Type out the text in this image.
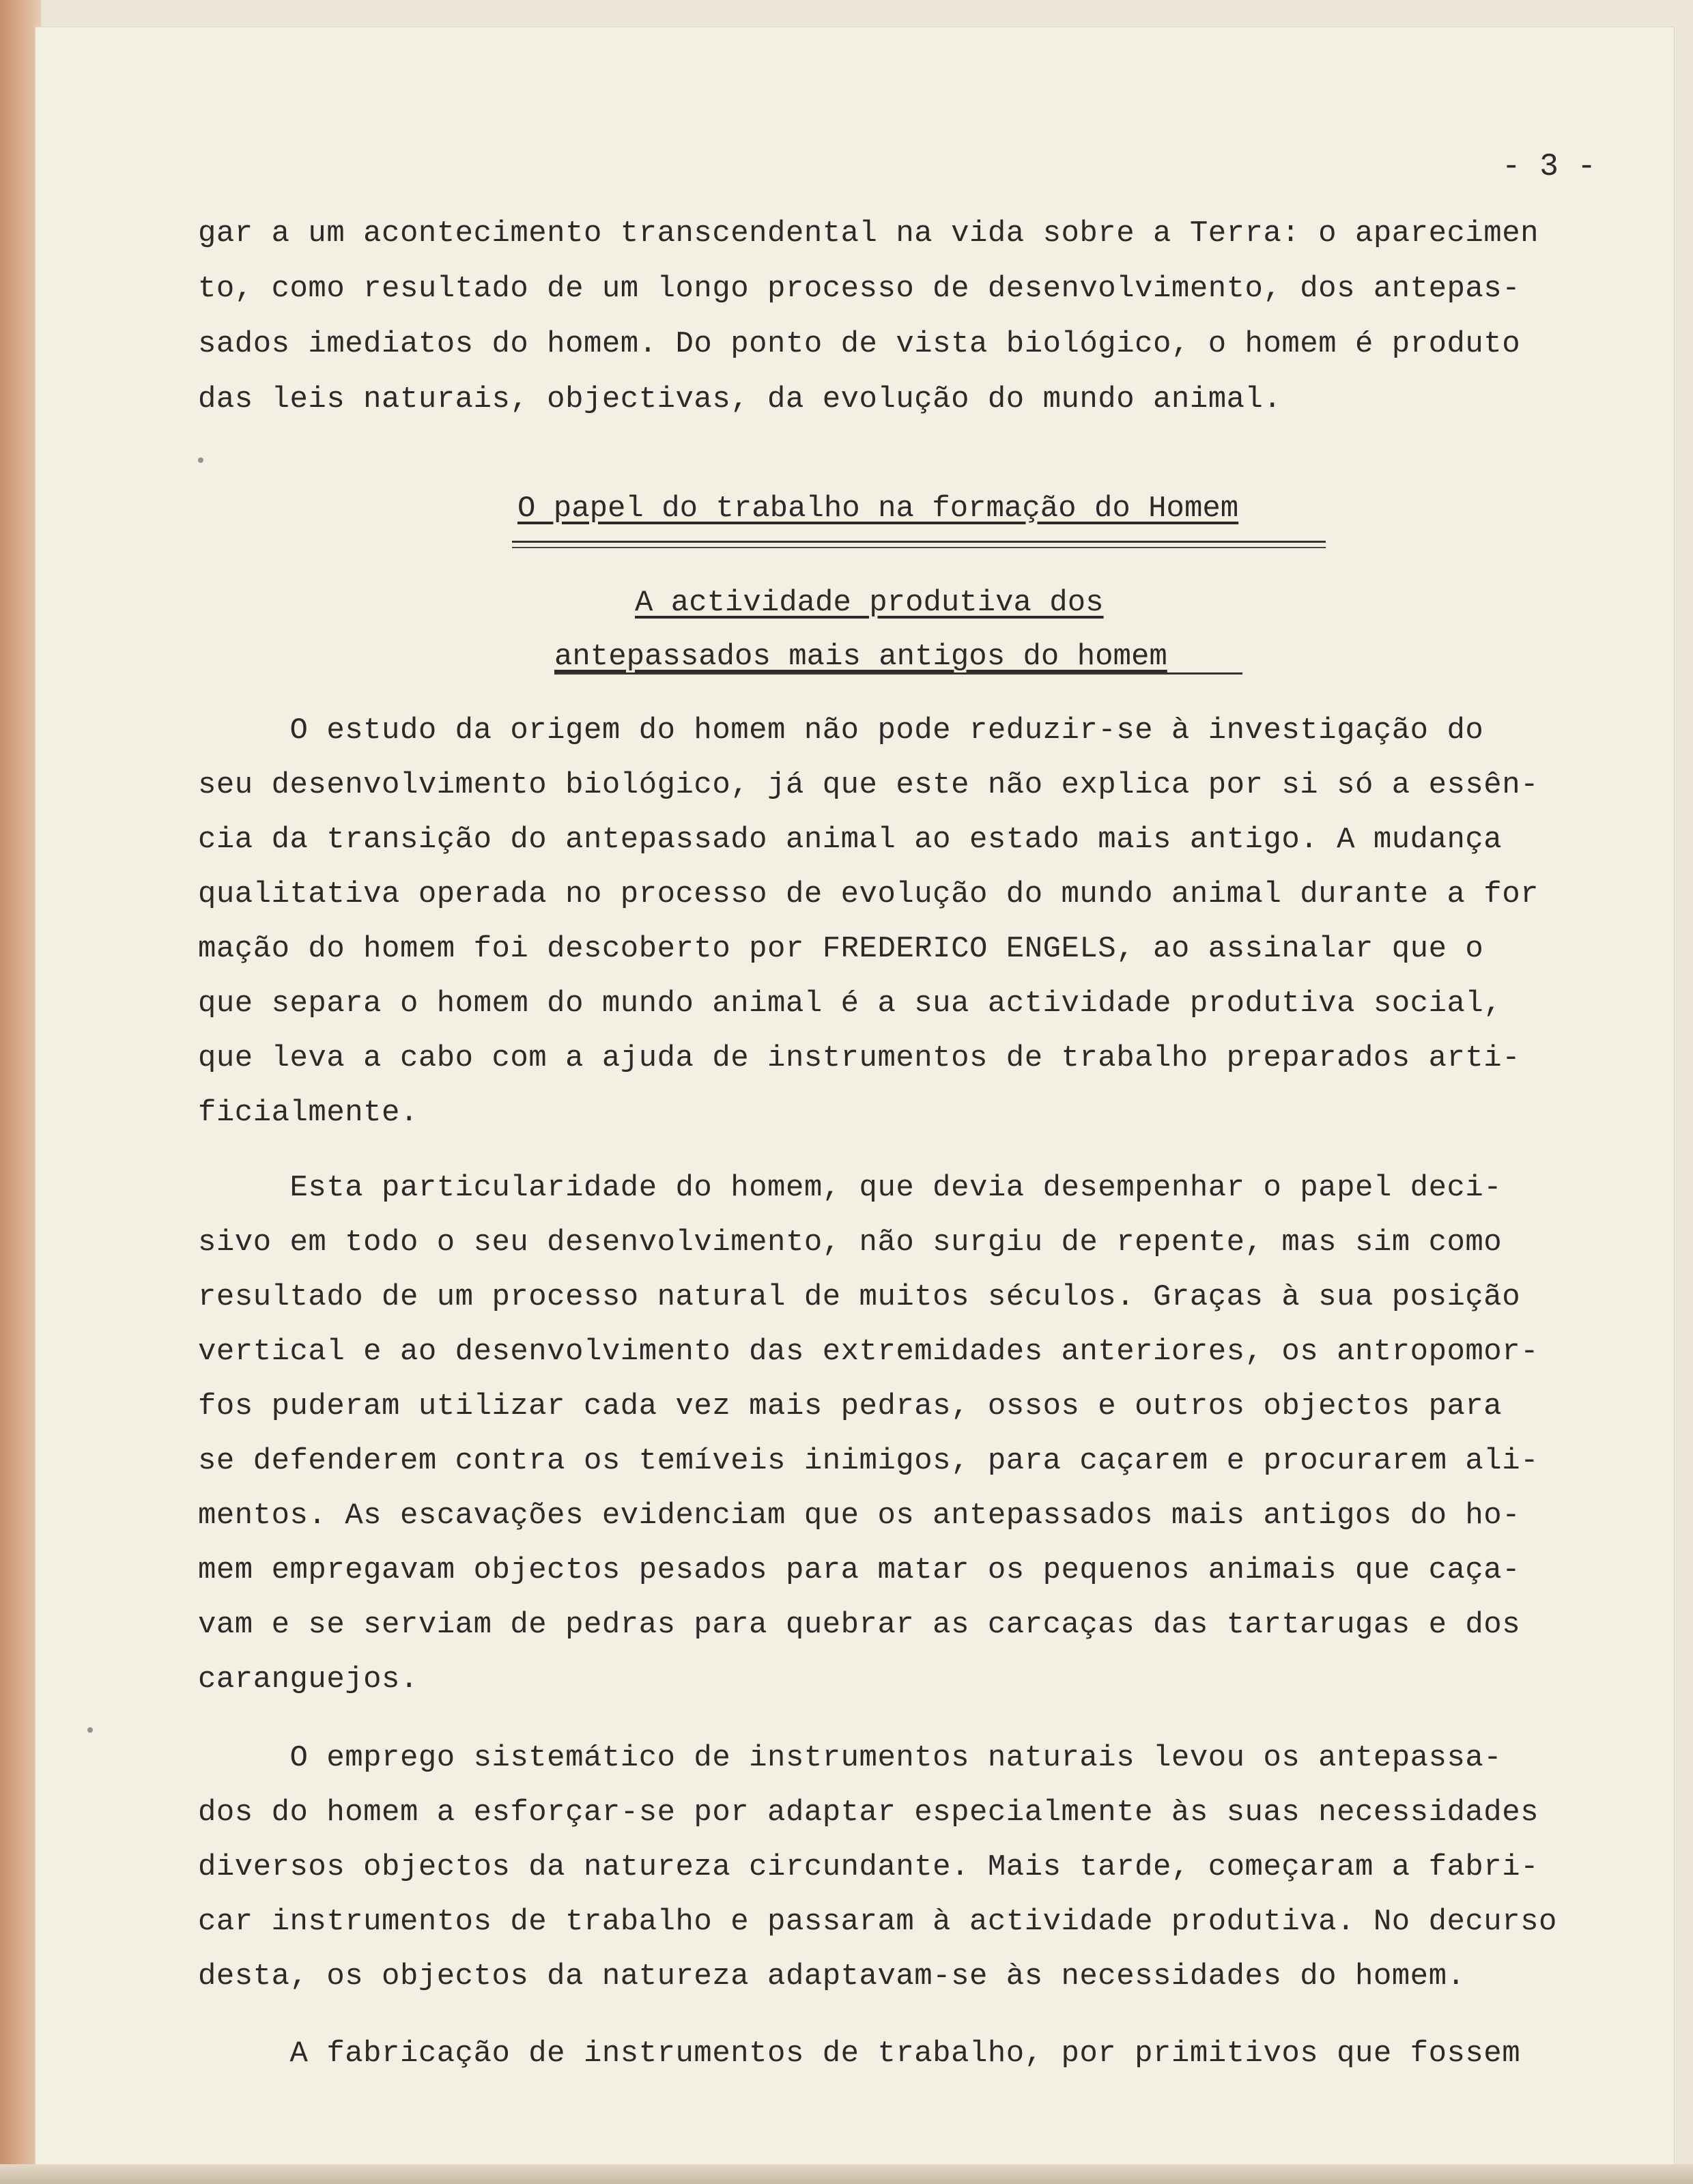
- 3 -
gar a um acontecimento transcendental na vida sobre a Terra: o aparecimen
to, como resultado de um longo processo de desenvolvimento, dos antepas-
sados imediatos do homem. Do ponto de vista biológico, o homem é produto
das leis naturais, objectivas, da evolução do mundo animal.
O papel do trabalho na formação do Homem
A actividade produtiva dos
antepassados mais antigos do homem
O estudo da origem do homem não pode reduzir-se à investigação do
seu desenvolvimento biológico, já que este não explica por si só a essên-
cia da transição do antepassado animal ao estado mais antigo. A mudança
qualitativa operada no processo de evolução do mundo animal durante a for
mação do homem foi descoberto por FREDERICO ENGELS, ao assinalar que o
que separa o homem do mundo animal é a sua actividade produtiva social,
que leva a cabo com a ajuda de instrumentos de trabalho preparados arti-
ficialmente.
Esta particularidade do homem, que devia desempenhar o papel deci-
sivo em todo o seu desenvolvimento, não surgiu de repente, mas sim como
resultado de um processo natural de muitos séculos. Graças à sua posição
vertical e ao desenvolvimento das extremidades anteriores, os antropomor-
fos puderam utilizar cada vez mais pedras, ossos e outros objectos para
se defenderem contra os temíveis inimigos, para caçarem e procurarem ali-
mentos. As escavações evidenciam que os antepassados mais antigos do ho-
mem empregavam objectos pesados para matar os pequenos animais que caça-
vam e se serviam de pedras para quebrar as carcaças das tartarugas e dos
caranguejos.
O emprego sistemático de instrumentos naturais levou os antepassa-
dos do homem a esforçar-se por adaptar especialmente às suas necessidades
diversos objectos da natureza circundante. Mais tarde, começaram a fabri-
car instrumentos de trabalho e passaram à actividade produtiva. No decurso
desta, os objectos da natureza adaptavam-se às necessidades do homem.
A fabricação de instrumentos de trabalho, por primitivos que fossem
